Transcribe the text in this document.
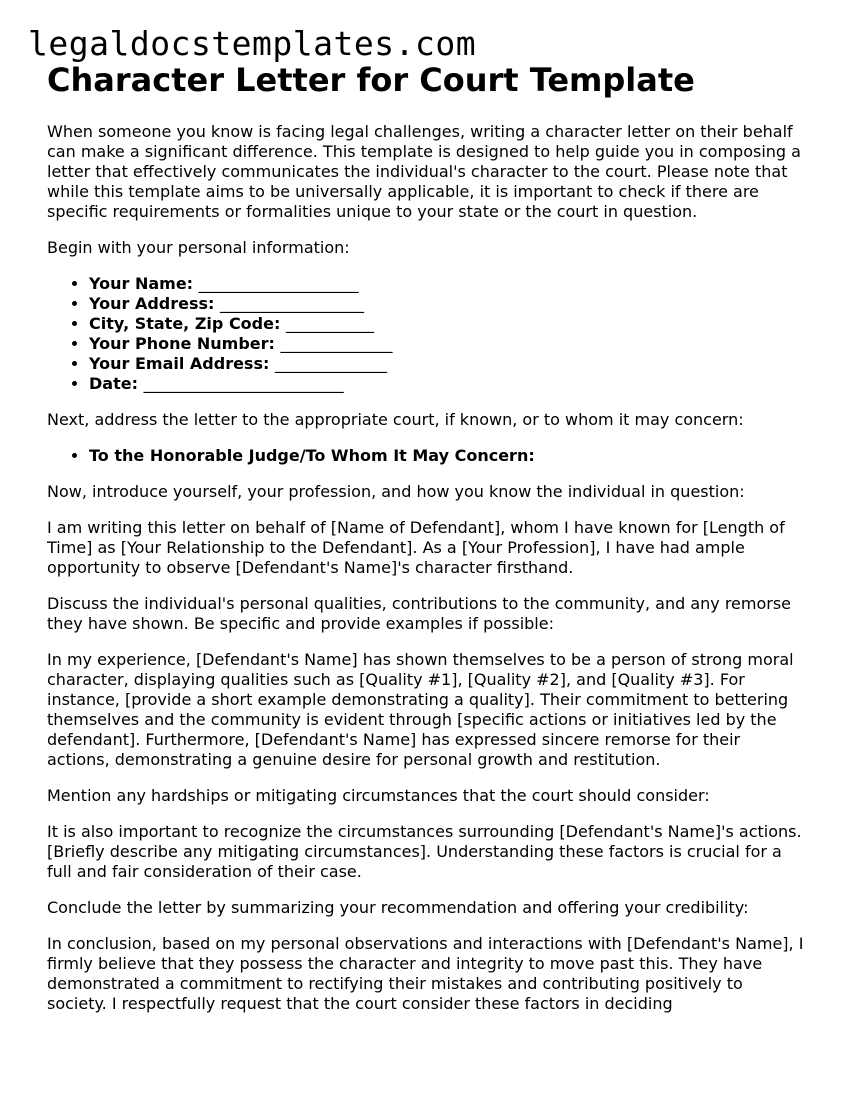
legaldocstemplates.com
Character Letter for Court Template

When someone you know is facing legal challenges, writing a character letter on their behalf can make a significant difference. This template is designed to help guide you in composing a letter that effectively communicates the individual's character to the court. Please note that while this template aims to be universally applicable, it is important to check if there are specific requirements or formalities unique to your state or the court in question.

Begin with your personal information:

• Your Name: ____________________
• Your Address: __________________
• City, State, Zip Code: ___________
• Your Phone Number: ______________
• Your Email Address: ______________
• Date: _________________________

Next, address the letter to the appropriate court, if known, or to whom it may concern:

• To the Honorable Judge/To Whom It May Concern:

Now, introduce yourself, your profession, and how you know the individual in question:

I am writing this letter on behalf of [Name of Defendant], whom I have known for [Length of Time] as [Your Relationship to the Defendant]. As a [Your Profession], I have had ample opportunity to observe [Defendant's Name]'s character firsthand.

Discuss the individual's personal qualities, contributions to the community, and any remorse they have shown. Be specific and provide examples if possible:

In my experience, [Defendant's Name] has shown themselves to be a person of strong moral character, displaying qualities such as [Quality #1], [Quality #2], and [Quality #3]. For instance, [provide a short example demonstrating a quality]. Their commitment to bettering themselves and the community is evident through [specific actions or initiatives led by the defendant]. Furthermore, [Defendant's Name] has expressed sincere remorse for their actions, demonstrating a genuine desire for personal growth and restitution.

Mention any hardships or mitigating circumstances that the court should consider:

It is also important to recognize the circumstances surrounding [Defendant's Name]'s actions. [Briefly describe any mitigating circumstances]. Understanding these factors is crucial for a full and fair consideration of their case.

Conclude the letter by summarizing your recommendation and offering your credibility:

In conclusion, based on my personal observations and interactions with [Defendant's Name], I firmly believe that they possess the character and integrity to move past this. They have demonstrated a commitment to rectifying their mistakes and contributing positively to society. I respectfully request that the court consider these factors in deciding
